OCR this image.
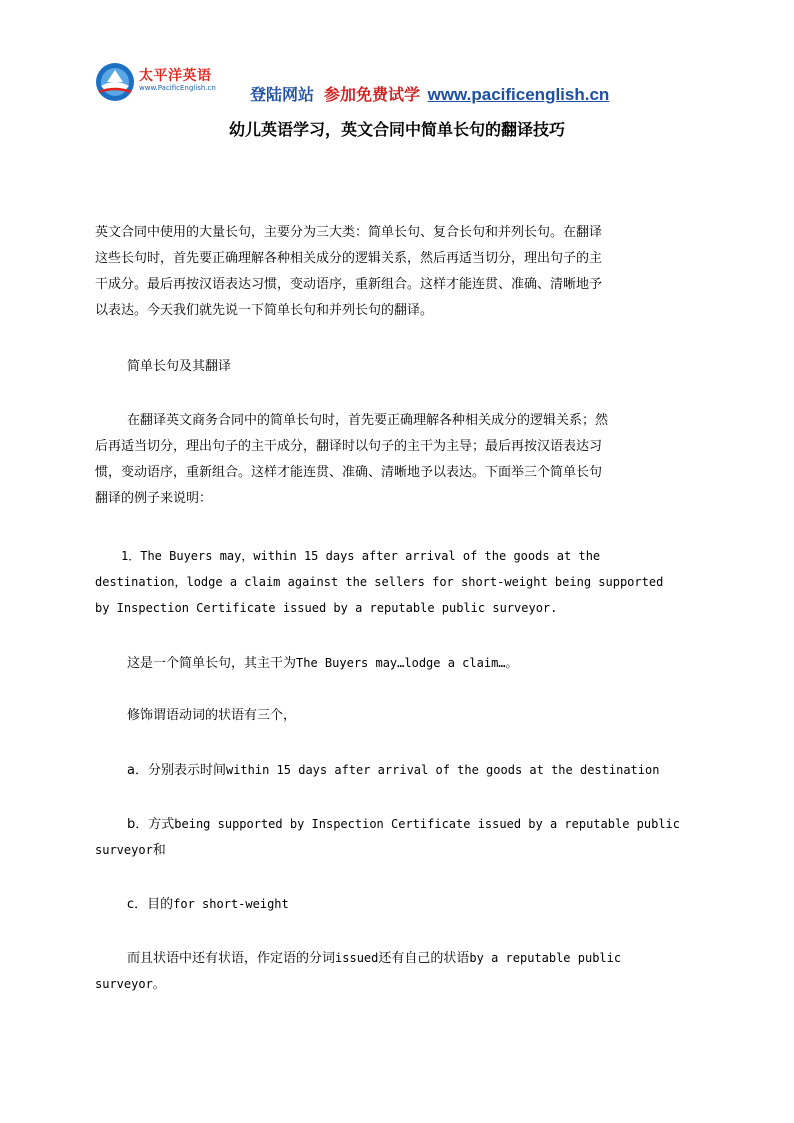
太平洋英语
www.PacificEnglish.cn 登陆网站 参加免费试学 www.pacificenglish.cn
幼儿英语学习，英文合同中简单长句的翻译技巧
英文合同中使用的大量长句，主要分为三大类：简单长句、复合长句和并列长句。在翻译
这些长句时，首先要正确理解各种相关成分的逻辑关系，然后再适当切分，理出句子的主
干成分。最后再按汉语表达习惯，变动语序，重新组合。这样才能连贯、准确、清晰地予
以表达。今天我们就先说一下简单长句和并列长句的翻译。
简单长句及其翻译
在翻译英文商务合同中的简单长句时，首先要正确理解各种相关成分的逻辑关系；然
后再适当切分，理出句子的主干成分，翻译时以句子的主干为主导；最后再按汉语表达习
惯，变动语序，重新组合。这样才能连贯、准确、清晰地予以表达。下面举三个简单长句
翻译的例子来说明：
1．The Buyers may，within 15 days after arrival of the goods at the
destination，lodge a claim against the sellers for short-weight being supported
by Inspection Certificate issued by a reputable public surveyor.
这是一个简单长句，其主干为The Buyers may…lodge a claim…。
修饰谓语动词的状语有三个，
a．分别表示时间within 15 days after arrival of the goods at the destination
b．方式being supported by Inspection Certificate issued by a reputable public
surveyor和
c．目的for short-weight
而且状语中还有状语，作定语的分词issued还有自己的状语by a reputable public
surveyor。
